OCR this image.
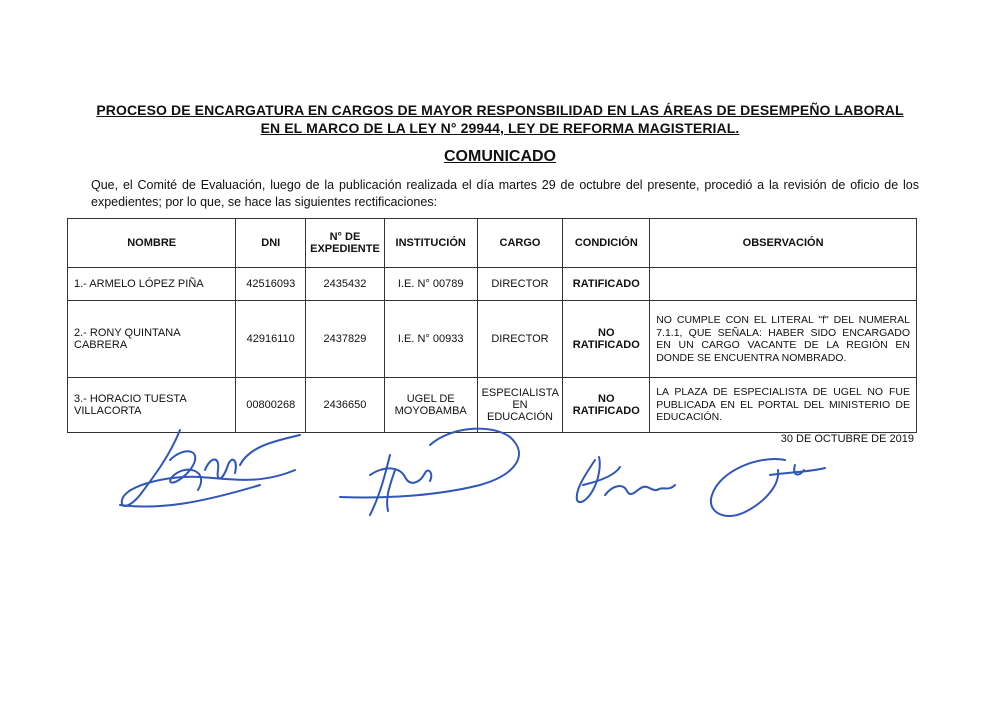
PROCESO DE ENCARGATURA EN CARGOS DE MAYOR RESPONSBILIDAD EN LAS ÁREAS DE DESEMPEÑO LABORAL
EN EL MARCO DE LA LEY N° 29944, LEY DE REFORMA MAGISTERIAL.
COMUNICADO
Que, el Comité de Evaluación, luego de la publicación realizada el día martes 29 de octubre del presente, procedió a la revisión de oficio de los expedientes; por lo que, se hace las siguientes rectificaciones:
NOMBRE	DNI	N° DE EXPEDIENTE	INSTITUCIÓN	CARGO	CONDICIÓN	OBSERVACIÓN
1.- ARMELO LÓPEZ PIÑA	42516093	2435432	I.E. N° 00789	DIRECTOR	RATIFICADO	
2.- RONY QUINTANA CABRERA	42916110	2437829	I.E. N° 00933	DIRECTOR	NO RATIFICADO	NO CUMPLE CON EL LITERAL "f" DEL NUMERAL 7.1.1, QUE SEÑALA: HABER SIDO ENCARGADO EN UN CARGO VACANTE DE LA REGIÓN EN DONDE SE ENCUENTRA NOMBRADO.
3.- HORACIO TUESTA VILLACORTA	00800268	2436650	UGEL DE MOYOBAMBA	ESPECIALISTA EN EDUCACIÓN	NO RATIFICADO	LA PLAZA DE ESPECIALISTA DE UGEL NO FUE PUBLICADA EN EL PORTAL DEL MINISTERIO DE EDUCACIÓN.
30 DE OCTUBRE DE 2019
